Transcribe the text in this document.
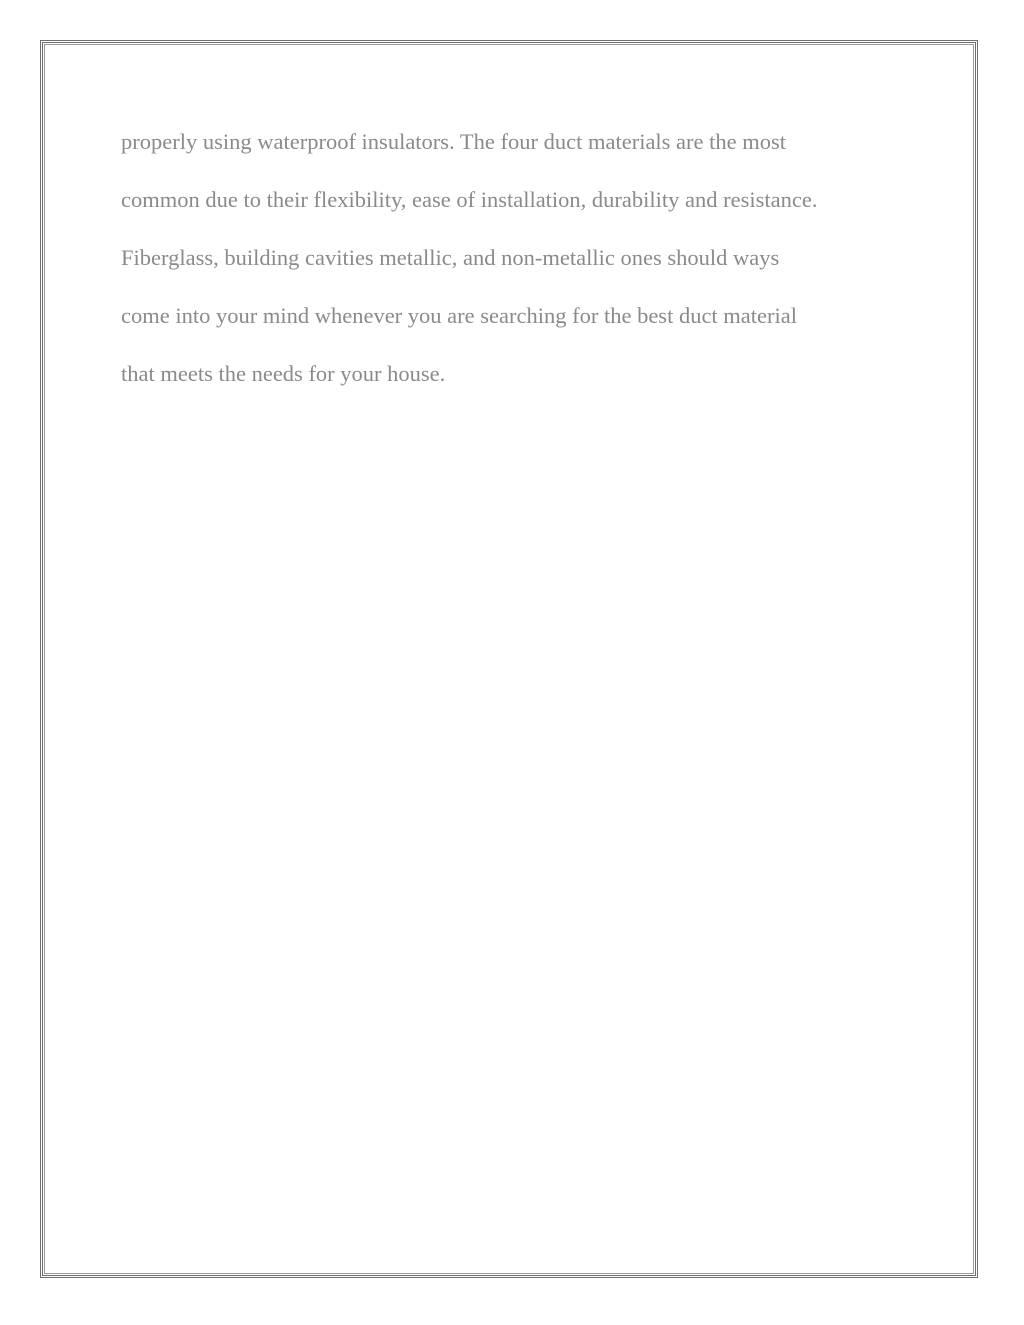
properly using waterproof insulators. The four duct materials are the most
common due to their flexibility, ease of installation, durability and resistance.
Fiberglass, building cavities metallic, and non-metallic ones should ways
come into your mind whenever you are searching for the best duct material
that meets the needs for your house.
